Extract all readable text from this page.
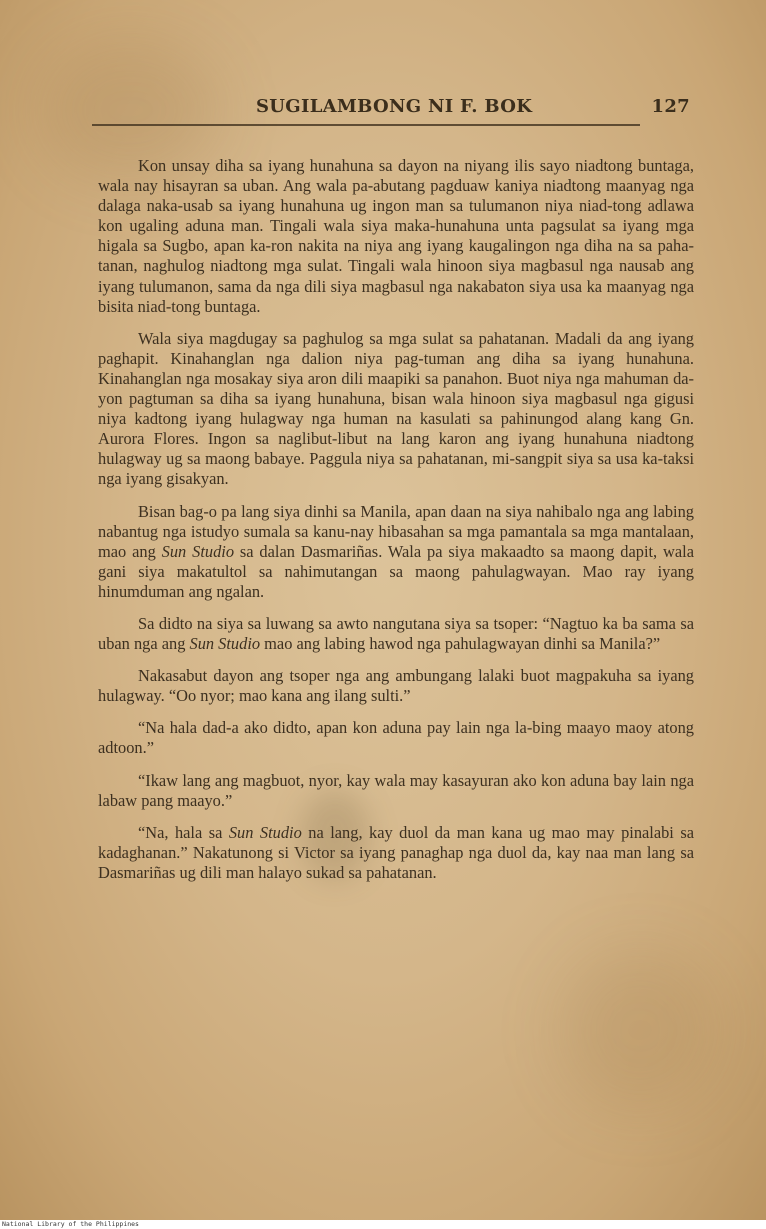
SUGILAMBONG NI F. BOK	127

Kon unsay diha sa iyang hunahuna sa dayon na niyang ilis sayo niadtong buntaga, wala nay hisayran sa uban. Ang wala pa-abutang pagduaw kaniya niadtong maanyag nga dalaga naka-usab sa iyang hunahuna ug ingon man sa tulumanon niya niad-tong adlawa kon ugaling aduna man. Tingali wala siya maka-hunahuna unta pagsulat sa iyang mga higala sa Sugbo, apan ka-ron nakita na niya ang iyang kaugalingon nga diha na sa paha-tanan, naghulog niadtong mga sulat. Tingali wala hinoon siya magbasul nga nausab ang iyang tulumanon, sama da nga dili siya magbasul nga nakabaton siya usa ka maanyag nga bisita niad-tong buntaga.

Wala siya magdugay sa paghulog sa mga sulat sa pahatanan. Madali da ang iyang paghapit. Kinahanglan nga dalion niya pag-tuman ang diha sa iyang hunahuna. Kinahanglan nga mosakay siya aron dili maapiki sa panahon. Buot niya nga mahuman da-yon pagtuman sa diha sa iyang hunahuna, bisan wala hinoon siya magbasul nga gigusi niya kadtong iyang hulagway nga human na kasulati sa pahinungod alang kang Gn. Aurora Flores. Ingon sa naglibut-libut na lang karon ang iyang hunahuna niadtong hulagway ug sa maong babaye. Paggula niya sa pahatanan, mi-sangpit siya sa usa ka-taksi nga iyang gisakyan.

Bisan bag-o pa lang siya dinhi sa Manila, apan daan na siya nahibalo nga ang labing nabantug nga istudyo sumala sa kanu-nay hibasahan sa mga pamantala sa mga mantalaan, mao ang Sun Studio sa dalan Dasmariñas. Wala pa siya makaadto sa maong dapit, wala gani siya makatultol sa nahimutangan sa maong pahulagwayan. Mao ray iyang hinumduman ang ngalan.

Sa didto na siya sa luwang sa awto nangutana siya sa tsoper: “Nagtuo ka ba sama sa uban nga ang Sun Studio mao ang labing hawod nga pahulagwayan dinhi sa Manila?”

Nakasabut dayon ang tsoper nga ang ambungang lalaki buot magpakuha sa iyang hulagway. “Oo nyor; mao kana ang ilang sulti.”

“Na hala dad-a ako didto, apan kon aduna pay lain nga la-bing maayo maoy atong adtoon.”

“Ikaw lang ang magbuot, nyor, kay wala may kasayuran ako kon aduna bay lain nga labaw pang maayo.”

“Na, hala sa Sun Studio na lang, kay duol da man kana ug mao may pinalabi sa kadaghanan.” Nakatunong si Victor sa iyang panaghap nga duol da, kay naa man lang sa Dasmariñas ug dili man halayo sukad sa pahatanan.

National Library of the Philippines
